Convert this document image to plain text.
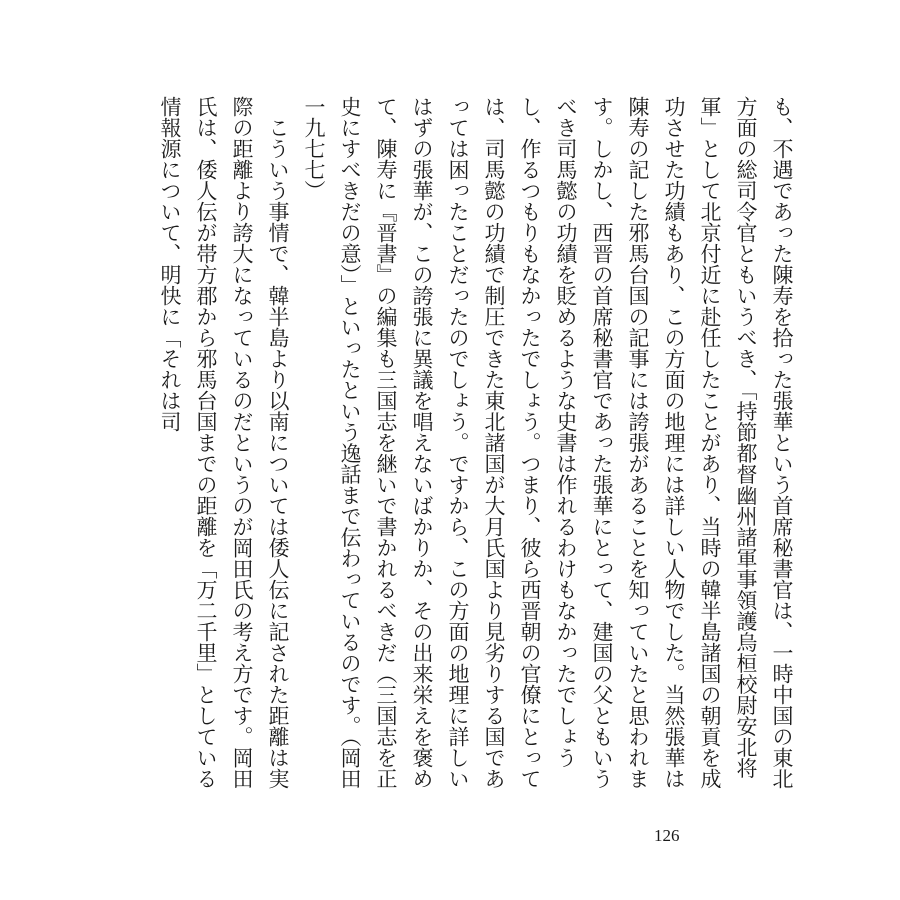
も、不遇であった陳寿を拾った張華という首席秘書官は、一時中国の東北方面の総司令官ともいうべき、「持節都督幽州諸軍事領護烏桓校尉安北将軍」として北京付近に赴任したことがあり、当時の韓半島諸国の朝貢を成功させた功績もあり、この方面の地理には詳しい人物でした。当然張華は陳寿の記した邪馬台国の記事には誇張があることを知っていたと思われます。しかし、西晋の首席秘書官であった張華にとって、建国の父ともいうべき司馬懿の功績を貶めるような史書は作れるわけもなかったでしょうし、作るつもりもなかったでしょう。つまり、彼ら西晋朝の官僚にとっては、司馬懿の功績で制圧できた東北諸国が大月氏国より見劣りする国であっては困ったことだったのでしょう。ですから、この方面の地理に詳しいはずの張華が、この誇張に異議を唱えないばかりか、その出来栄えを褒めて、陳寿に『晋書』の編集も三国志を継いで書かれるべきだ（三国志を正史にすべきだの意）」といったという逸話まで伝わっているのです。（岡田一九七七）

こういう事情で、韓半島より以南については倭人伝に記された距離は実際の距離より誇大になっているのだというのが岡田氏の考え方です。岡田氏は、倭人伝が帯方郡から邪馬台国までの距離を「万二千里」としている情報源について、明快に「それは司

126
